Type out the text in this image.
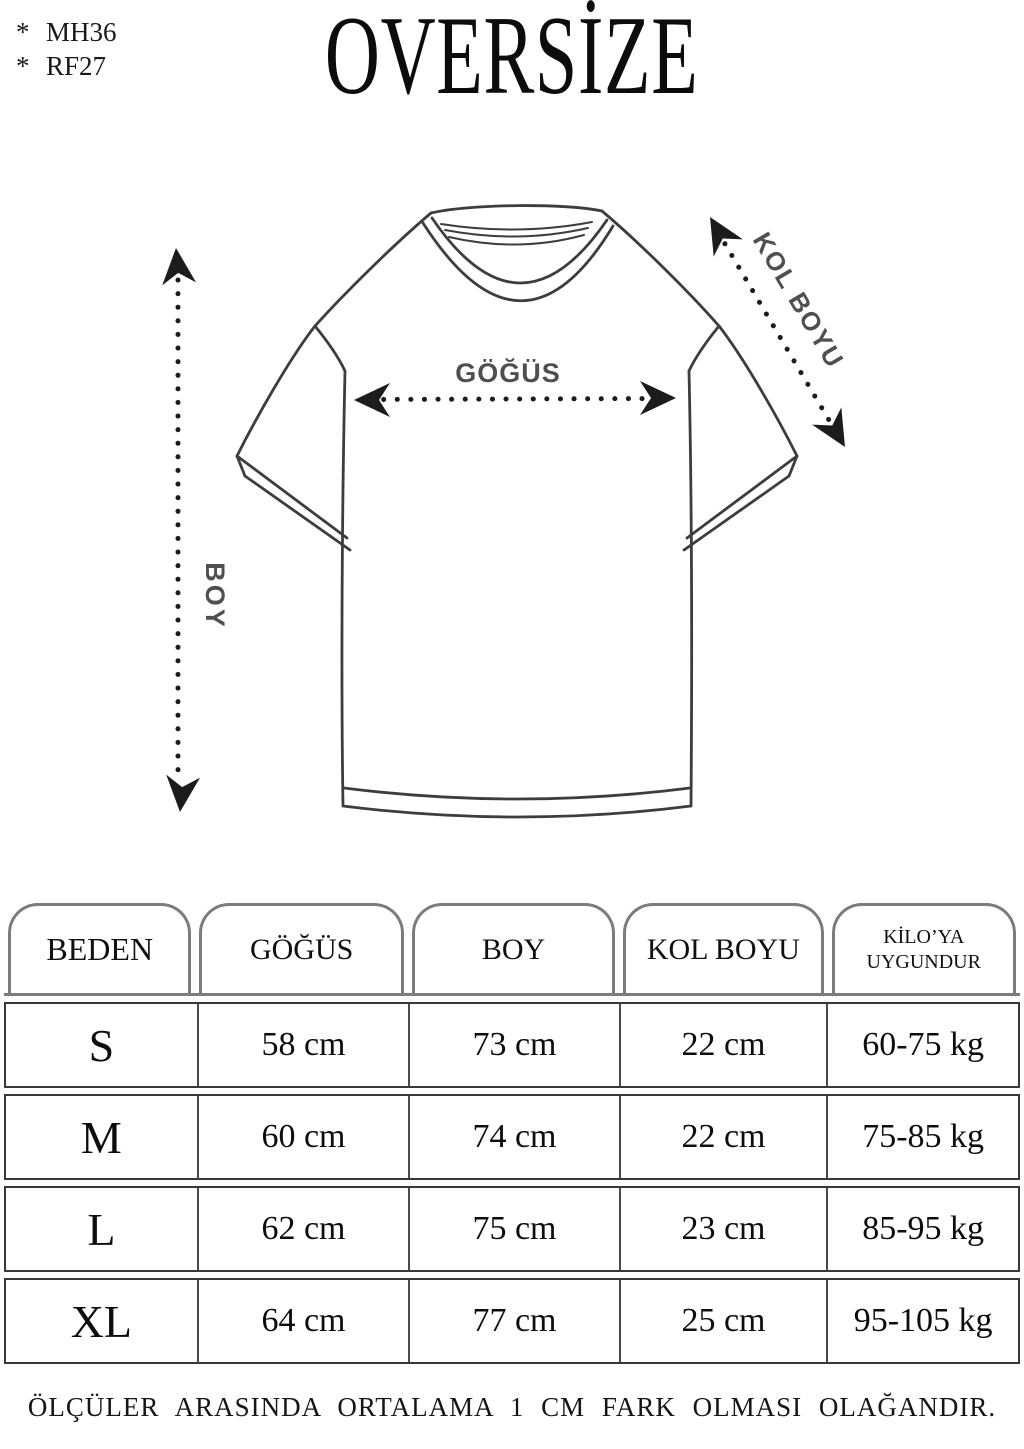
* MH36
* RF27	OVERSİZE
BOY
GÖĞÜS	KOL BOYU
BEDEN	GÖĞÜS	BOY	KOL BOYU	KİLO’YA UYGUNDUR
S	58 cm	73 cm	22 cm	60-75 kg
M	60 cm	74 cm	22 cm	75-85 kg
L	62 cm	75 cm	23 cm	85-95 kg
XL	64 cm	77 cm	25 cm	95-105 kg
ÖLÇÜLER ARASINDA ORTALAMA 1 CM FARK OLMASI OLAĞANDIR.
